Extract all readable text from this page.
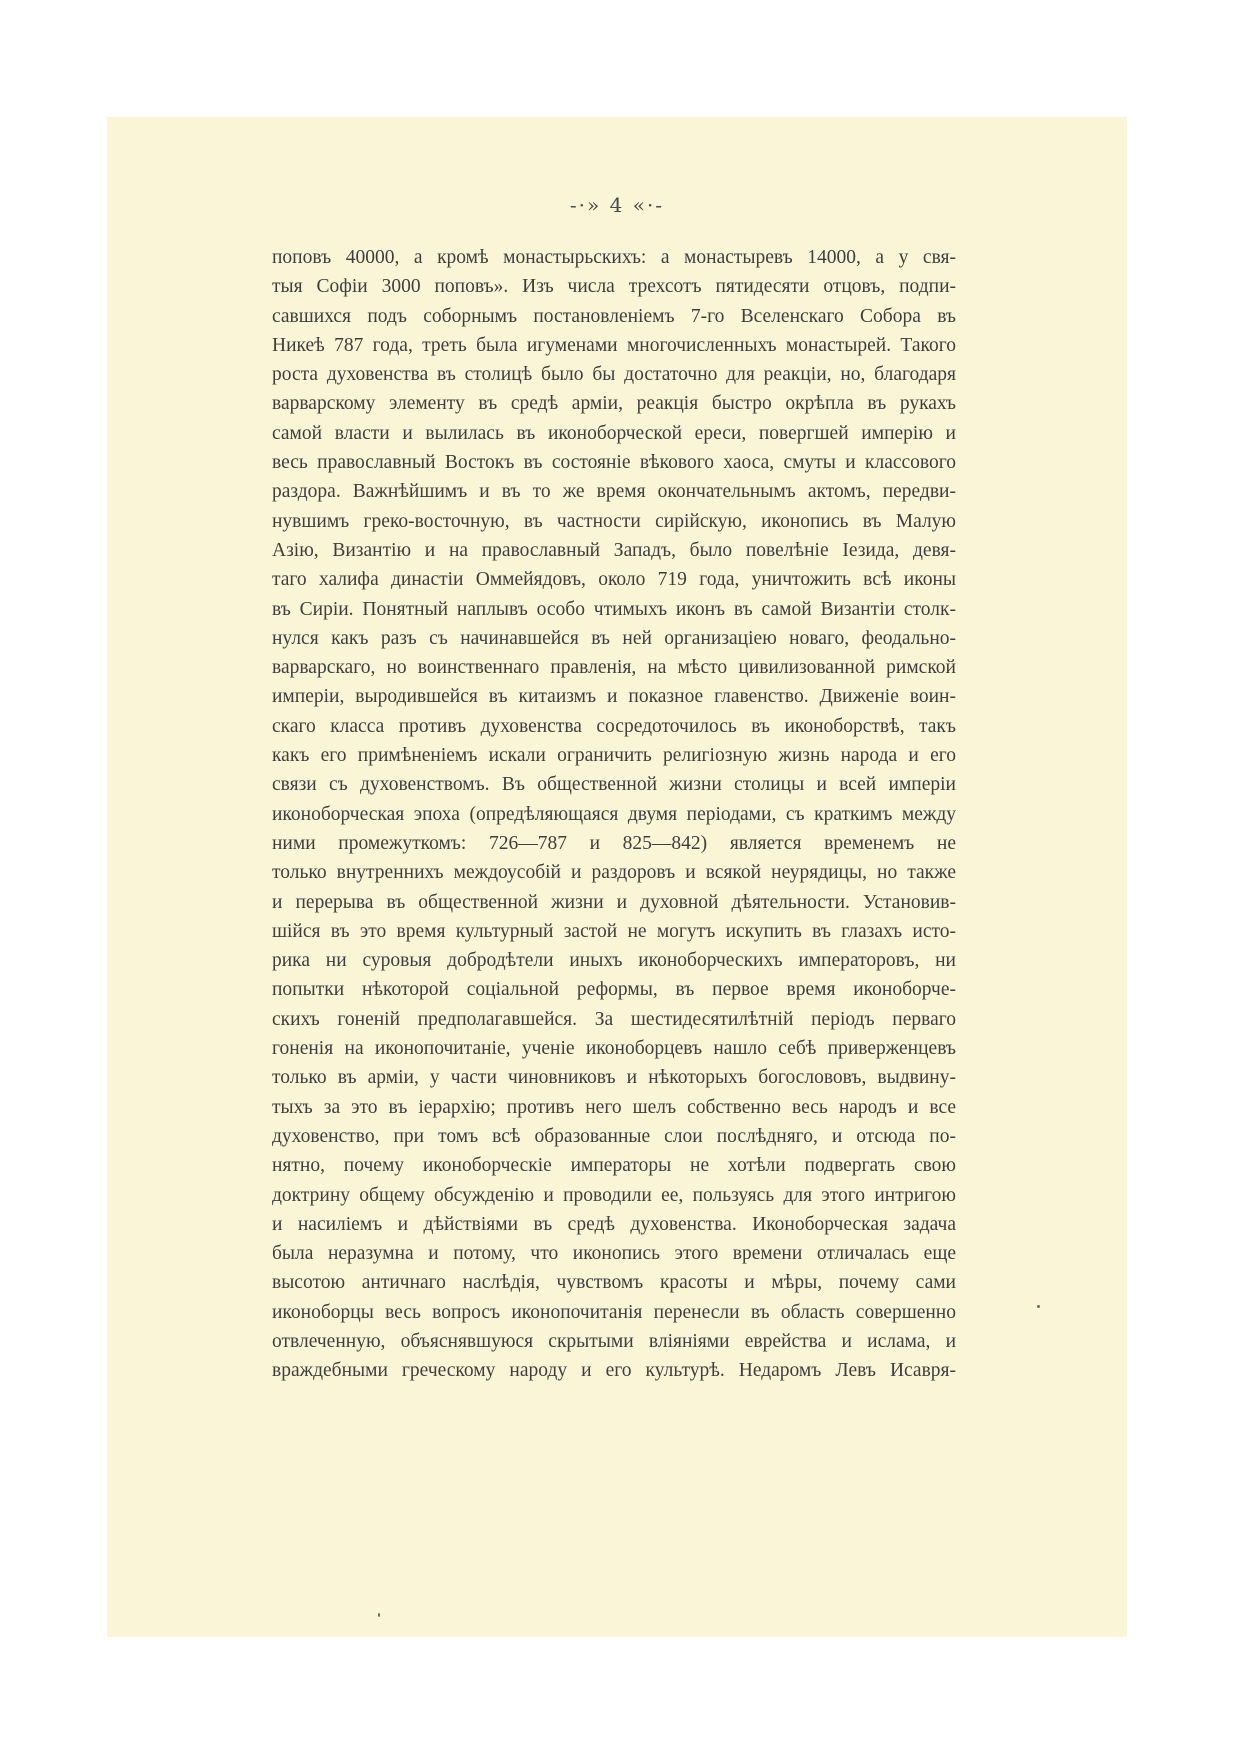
-·» 4 «·-
поповъ 40000, а кромѣ монастырьскихъ: а монастыревъ 14000, а у свя-
тыя Софіи 3000 поповъ». Изъ числа трехсотъ пятидесяти отцовъ, подпи-
савшихся подъ соборнымъ постановленіемъ 7-го Вселенскаго Собора въ
Никеѣ 787 года, треть была игуменами многочисленныхъ монастырей. Такого
роста духовенства въ столицѣ было бы достаточно для реакціи, но, благодаря
варварскому элементу въ средѣ арміи, реакція быстро окрѣпла въ рукахъ
самой власти и вылилась въ иконоборческой ереси, повергшей имперію и
весь православный Востокъ въ состояніе вѣкового хаоса, смуты и классового
раздора. Важнѣйшимъ и въ то же время окончательнымъ актомъ, передви-
нувшимъ греко-восточную, въ частности сирійскую, иконопись въ Малую
Азію, Византію и на православный Западъ, было повелѣніе Іезида, девя-
таго халифа династіи Оммейядовъ, около 719 года, уничтожить всѣ иконы
въ Сиріи. Понятный наплывъ особо чтимыхъ иконъ въ самой Византіи столк-
нулся какъ разъ съ начинавшейся въ ней организаціею новаго, феодально-
варварскаго, но воинственнаго правленія, на мѣсто цивилизованной римской
имперіи, выродившейся въ китаизмъ и показное главенство. Движеніе воин-
скаго класса противъ духовенства сосредоточилось въ иконоборствѣ, такъ
какъ его примѣненіемъ искали ограничить религіозную жизнь народа и его
связи съ духовенствомъ. Въ общественной жизни столицы и всей имперіи
иконоборческая эпоха (опредѣляющаяся двумя періодами, съ краткимъ между
ними промежуткомъ: 726—787 и 825—842) является временемъ не
только внутреннихъ междоусобій и раздоровъ и всякой неурядицы, но также
и перерыва въ общественной жизни и духовной дѣятельности. Установив-
шійся въ это время культурный застой не могутъ искупить въ глазахъ исто-
рика ни суровыя добродѣтели иныхъ иконоборческихъ императоровъ, ни
попытки нѣкоторой соціальной реформы, въ первое время иконоборче-
скихъ гоненій предполагавшейся. За шестидесятилѣтній періодъ перваго
гоненія на иконопочитаніе, ученіе иконоборцевъ нашло себѣ приверженцевъ
только въ арміи, у части чиновниковъ и нѣкоторыхъ богослововъ, выдвину-
тыхъ за это въ іерархію; противъ него шелъ собственно весь народъ и все
духовенство, при томъ всѣ образованные слои послѣдняго, и отсюда по-
нятно, почему иконоборческіе императоры не хотѣли подвергать свою
доктрину общему обсужденію и проводили ее, пользуясь для этого интригою
и насиліемъ и дѣйствіями въ средѣ духовенства. Иконоборческая задача
была неразумна и потому, что иконопись этого времени отличалась еще
высотою античнаго наслѣдія, чувствомъ красоты и мѣры, почему сами
иконоборцы весь вопросъ иконопочитанія перенесли въ область совершенно
отвлеченную, объяснявшуюся скрытыми вліяніями еврейства и ислама, и
враждебными греческому народу и его культурѣ. Недаромъ Левъ Исавря-
